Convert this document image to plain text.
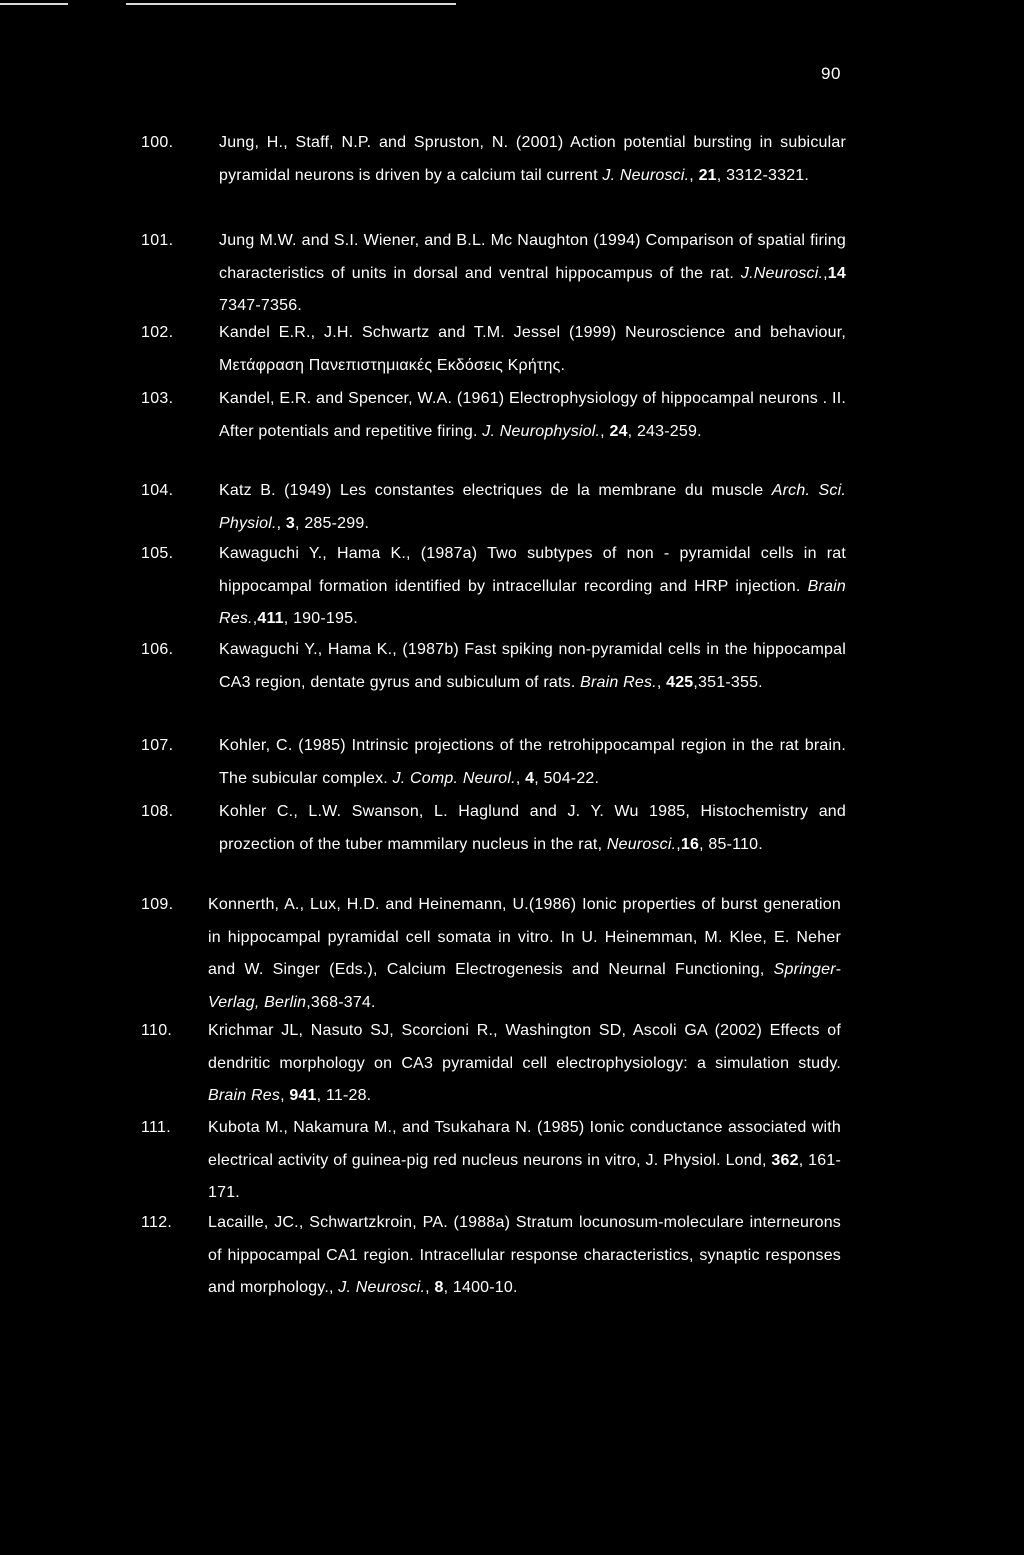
90
100.	Jung, H., Staff, N.P. and Spruston, N. (2001) Action potential bursting in subicular pyramidal neurons is driven by a calcium tail current J. Neurosci., 21, 3312-3321.
101.	Jung M.W. and S.I. Wiener, and B.L. Mc Naughton (1994) Comparison of spatial firing characteristics of units in dorsal and ventral hippocampus of the rat. J.Neurosci.,14 7347-7356.
102.	Kandel E.R., J.H. Schwartz and T.M. Jessel (1999) Neuroscience and behaviour, Μετάφραση Πανεπιστημιακές Εκδόσεις Κρήτης.
103.	Kandel, E.R. and Spencer, W.A. (1961) Electrophysiology of hippocampal neurons . II. After potentials and repetitive firing. J. Neurophysiol., 24, 243-259.
104.	Katz B. (1949) Les constantes electriques de la membrane du muscle Arch. Sci. Physiol., 3, 285-299.
105.	Kawaguchi Y., Hama K., (1987a) Two subtypes of non - pyramidal cells in rat hippocampal formation identified by intracellular recording and HRP injection. Brain Res.,411, 190-195.
106.	Kawaguchi Y., Hama K., (1987b) Fast spiking non-pyramidal cells in the hippocampal CA3 region, dentate gyrus and subiculum of rats. Brain Res., 425,351-355.
107.	Kohler, C. (1985) Intrinsic projections of the retrohippocampal region in the rat brain. The subicular complex. J. Comp. Neurol., 4, 504-22.
108.	Kohler C., L.W. Swanson, L. Haglund and J. Y. Wu 1985, Histochemistry and prozection of the tuber mammilary nucleus in the rat, Neurosci.,16, 85-110.
109. Konnerth, A., Lux, H.D. and Heinemann, U.(1986) Ionic properties of burst generation in hippocampal pyramidal cell somata in vitro. In U. Heinemman, M. Klee, E. Neher and W. Singer (Eds.), Calcium Electrogenesis and Neurnal Functioning, Springer-Verlag, Berlin,368-374.
110. Krichmar JL, Nasuto SJ, Scorcioni R., Washington SD, Ascoli GA (2002) Effects of dendritic morphology on CA3 pyramidal cell electrophysiology: a simulation study. Brain Res, 941, 11-28.
111. Kubota M., Nakamura M., and Tsukahara N. (1985) Ionic conductance associated with electrical activity of guinea-pig red nucleus neurons in vitro, J. Physiol. Lond, 362, 161-171.
112. Lacaille, JC., Schwartzkroin, PA. (1988a) Stratum locunosum-moleculare interneurons of hippocampal CA1 region. Intracellular response characteristics, synaptic responses and morphology., J. Neurosci., 8, 1400-10.
